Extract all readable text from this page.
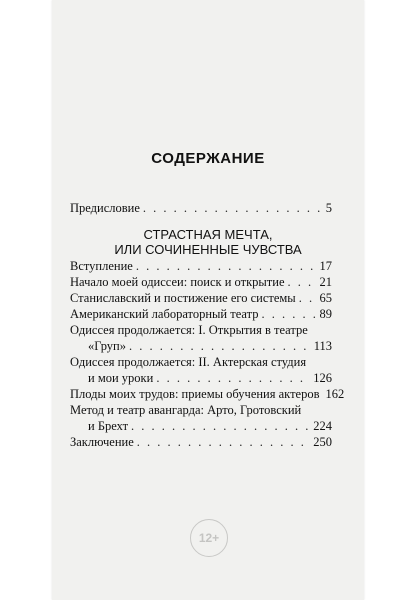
СОДЕРЖАНИЕ
Предисловие . . .	5
СТРАСТНАЯ МЕЧТА,
ИЛИ СОЧИНЕННЫЕ ЧУВСТВА
Вступление . . .	17
Начало моей одиссеи: поиск и открытие . . .	21
Станиславский и постижение его системы . . . 65
Американский лабораторный театр . . .	89
Одиссея продолжается: I. Открытия в театре
«Груп» . . .	113
Одиссея продолжается: II. Актерская студия
и мои уроки . . .	126
Плоды моих трудов: приемы обучения актеров 162
Метод и театр авангарда: Арто, Гротовский
и Брехт . . .	224
Заключение . . .	250
12+
